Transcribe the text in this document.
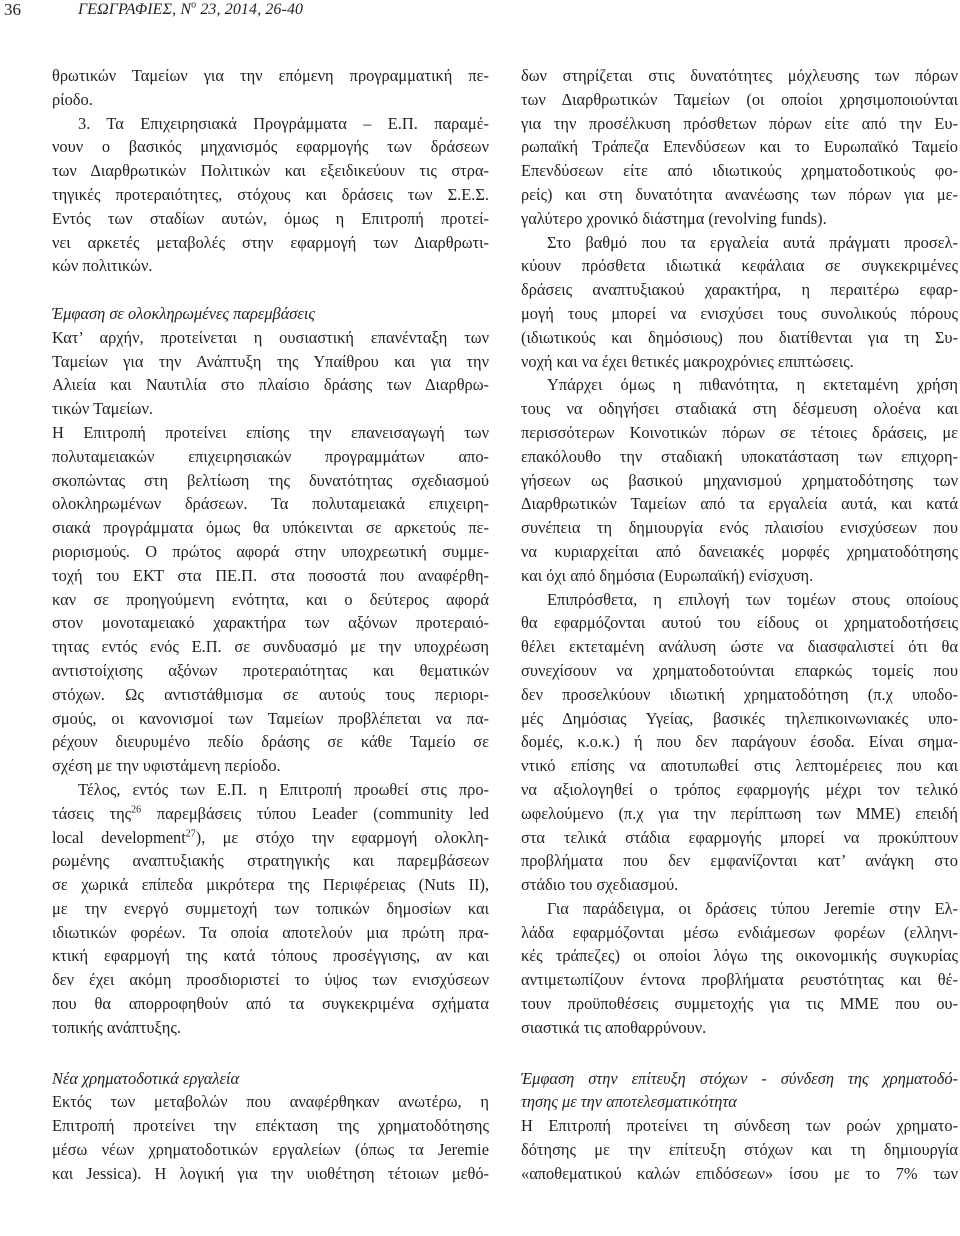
36	ΓΕΩΓΡΑΦΙΕΣ, $N^o$ 23, 2014, 26-40
θρωτικών Ταμείων για την επόμενη προγραμματική πε-
ρίοδο.
3. Τα Επιχειρησιακά Προγράμματα – Ε.Π. παραμέ-
νουν ο βασικός μηχανισμός εφαρμογής των δράσεων
των Διαρθρωτικών Πολιτικών και εξειδικεύουν τις στρα-
τηγικές προτεραιότητες, στόχους και δράσεις των Σ.Ε.Σ.
Εντός των σταδίων αυτών, όμως η Επιτροπή προτεί-
νει αρκετές μεταβολές στην εφαρμογή των Διαρθρωτι-
κών πολιτικών.
Έμφαση σε ολοκληρωμένες παρεμβάσεις
Κατ’ αρχήν, προτείνεται η ουσιαστική επανένταξη των
Ταμείων για την Ανάπτυξη της Υπαίθρου και για την
Αλιεία και Ναυτιλία στο πλαίσιο δράσης των Διαρθρω-
τικών Ταμείων.
Η Επιτροπή προτείνει επίσης την επανεισαγωγή των
πολυταμειακών επιχειρησιακών προγραμμάτων απο-
σκοπώντας στη βελτίωση της δυνατότητας σχεδιασμού
ολοκληρωμένων δράσεων. Τα πολυταμειακά επιχειρη-
σιακά προγράμματα όμως θα υπόκεινται σε αρκετούς πε-
ριορισμούς. Ο πρώτος αφορά στην υποχρεωτική συμμε-
τοχή του ΕΚΤ στα ΠΕ.Π. στα ποσοστά που αναφέρθη-
καν σε προηγούμενη ενότητα, και ο δεύτερος αφορά
στον μονοταμειακό χαρακτήρα των αξόνων προτεραιό-
τητας εντός ενός Ε.Π. σε συνδυασμό με την υποχρέωση
αντιστοίχισης αξόνων προτεραιότητας και θεματικών
στόχων. Ως αντιστάθμισμα σε αυτούς τους περιορι-
σμούς, οι κανονισμοί των Ταμείων προβλέπεται να πα-
ρέχουν διευρυμένο πεδίο δράσης σε κάθε Ταμείο σε
σχέση με την υφιστάμενη περίοδο.
Τέλος, εντός των Ε.Π. η Επιτροπή προωθεί στις προ-
τάσεις της$^{26}$ παρεμβάσεις τύπου Leader (community led
local development$^{27}$), με στόχο την εφαρμογή ολοκλη-
ρωμένης αναπτυξιακής στρατηγικής και παρεμβάσεων
σε χωρικά επίπεδα μικρότερα της Περιφέρειας (Nuts II),
με την ενεργό συμμετοχή των τοπικών δημοσίων και
ιδιωτικών φορέων. Τα οποία αποτελούν μια πρώτη πρα-
κτική εφαρμογή της κατά τόπους προσέγγισης, αν και
δεν έχει ακόμη προσδιοριστεί το ύψος των ενισχύσεων
που θα απορροφηθούν από τα συγκεκριμένα σχήματα
τοπικής ανάπτυξης.
Νέα χρηματοδοτικά εργαλεία
Εκτός των μεταβολών που αναφέρθηκαν ανωτέρω, η
Επιτροπή προτείνει την επέκταση της χρηματοδότησης
μέσω νέων χρηματοδοτικών εργαλείων (όπως τα Jeremie
και Jessica). Η λογική για την υιοθέτηση τέτοιων μεθό-
δων στηρίζεται στις δυνατότητες μόχλευσης των πόρων
των Διαρθρωτικών Ταμείων (οι οποίοι χρησιμοποιούνται
για την προσέλκυση πρόσθετων πόρων είτε από την Ευ-
ρωπαϊκή Τράπεζα Επενδύσεων και το Ευρωπαϊκό Ταμείο
Επενδύσεων είτε από ιδιωτικούς χρηματοδοτικούς φο-
ρείς) και στη δυνατότητα ανανέωσης των πόρων για με-
γαλύτερο χρονικό διάστημα (revolving funds).
Στο βαθμό που τα εργαλεία αυτά πράγματι προσελ-
κύουν πρόσθετα ιδιωτικά κεφάλαια σε συγκεκριμένες
δράσεις αναπτυξιακού χαρακτήρα, η περαιτέρω εφαρ-
μογή τους μπορεί να ενισχύσει τους συνολικούς πόρους
(ιδιωτικούς και δημόσιους) που διατίθενται για τη Συ-
νοχή και να έχει θετικές μακροχρόνιες επιπτώσεις.
Υπάρχει όμως η πιθανότητα, η εκτεταμένη χρήση
τους να οδηγήσει σταδιακά στη δέσμευση ολοένα και
περισσότερων Κοινοτικών πόρων σε τέτοιες δράσεις, με
επακόλουθο την σταδιακή υποκατάσταση των επιχορη-
γήσεων ως βασικού μηχανισμού χρηματοδότησης των
Διαρθρωτικών Ταμείων από τα εργαλεία αυτά, και κατά
συνέπεια τη δημιουργία ενός πλαισίου ενισχύσεων που
να κυριαρχείται από δανειακές μορφές χρηματοδότησης
και όχι από δημόσια (Ευρωπαϊκή) ενίσχυση.
Επιπρόσθετα, η επιλογή των τομέων στους οποίους
θα εφαρμόζονται αυτού του είδους οι χρηματοδοτήσεις
θέλει εκτεταμένη ανάλυση ώστε να διασφαλιστεί ότι θα
συνεχίσουν να χρηματοδοτούνται επαρκώς τομείς που
δεν προσελκύουν ιδιωτική χρηματοδότηση (π.χ υποδο-
μές Δημόσιας Υγείας, βασικές τηλεπικοινωνιακές υπο-
δομές, κ.ο.κ.) ή που δεν παράγουν έσοδα. Είναι σημα-
ντικό επίσης να αποτυπωθεί στις λεπτομέρειες που και
να αξιολογηθεί ο τρόπος εφαρμογής μέχρι τον τελικό
ωφελούμενο (π.χ για την περίπτωση των ΜΜΕ) επειδή
στα τελικά στάδια εφαρμογής μπορεί να προκύπτουν
προβλήματα που δεν εμφανίζονται κατ’ ανάγκη στο
στάδιο του σχεδιασμού.
Για παράδειγμα, οι δράσεις τύπου Jeremie στην Ελ-
λάδα εφαρμόζονται μέσω ενδιάμεσων φορέων (ελληνι-
κές τράπεζες) οι οποίοι λόγω της οικονομικής συγκυρίας
αντιμετωπίζουν έντονα προβλήματα ρευστότητας και θέ-
τουν προϋποθέσεις συμμετοχής για τις ΜΜΕ που ου-
σιαστικά τις αποθαρρύνουν.
Έμφαση στην επίτευξη στόχων - σύνδεση της χρηματοδό-
τησης με την αποτελεσματικότητα
Η Επιτροπή προτείνει τη σύνδεση των ροών χρηματο-
δότησης με την επίτευξη στόχων και τη δημιουργία
«αποθεματικού καλών επιδόσεων» ίσου με το 7% των
